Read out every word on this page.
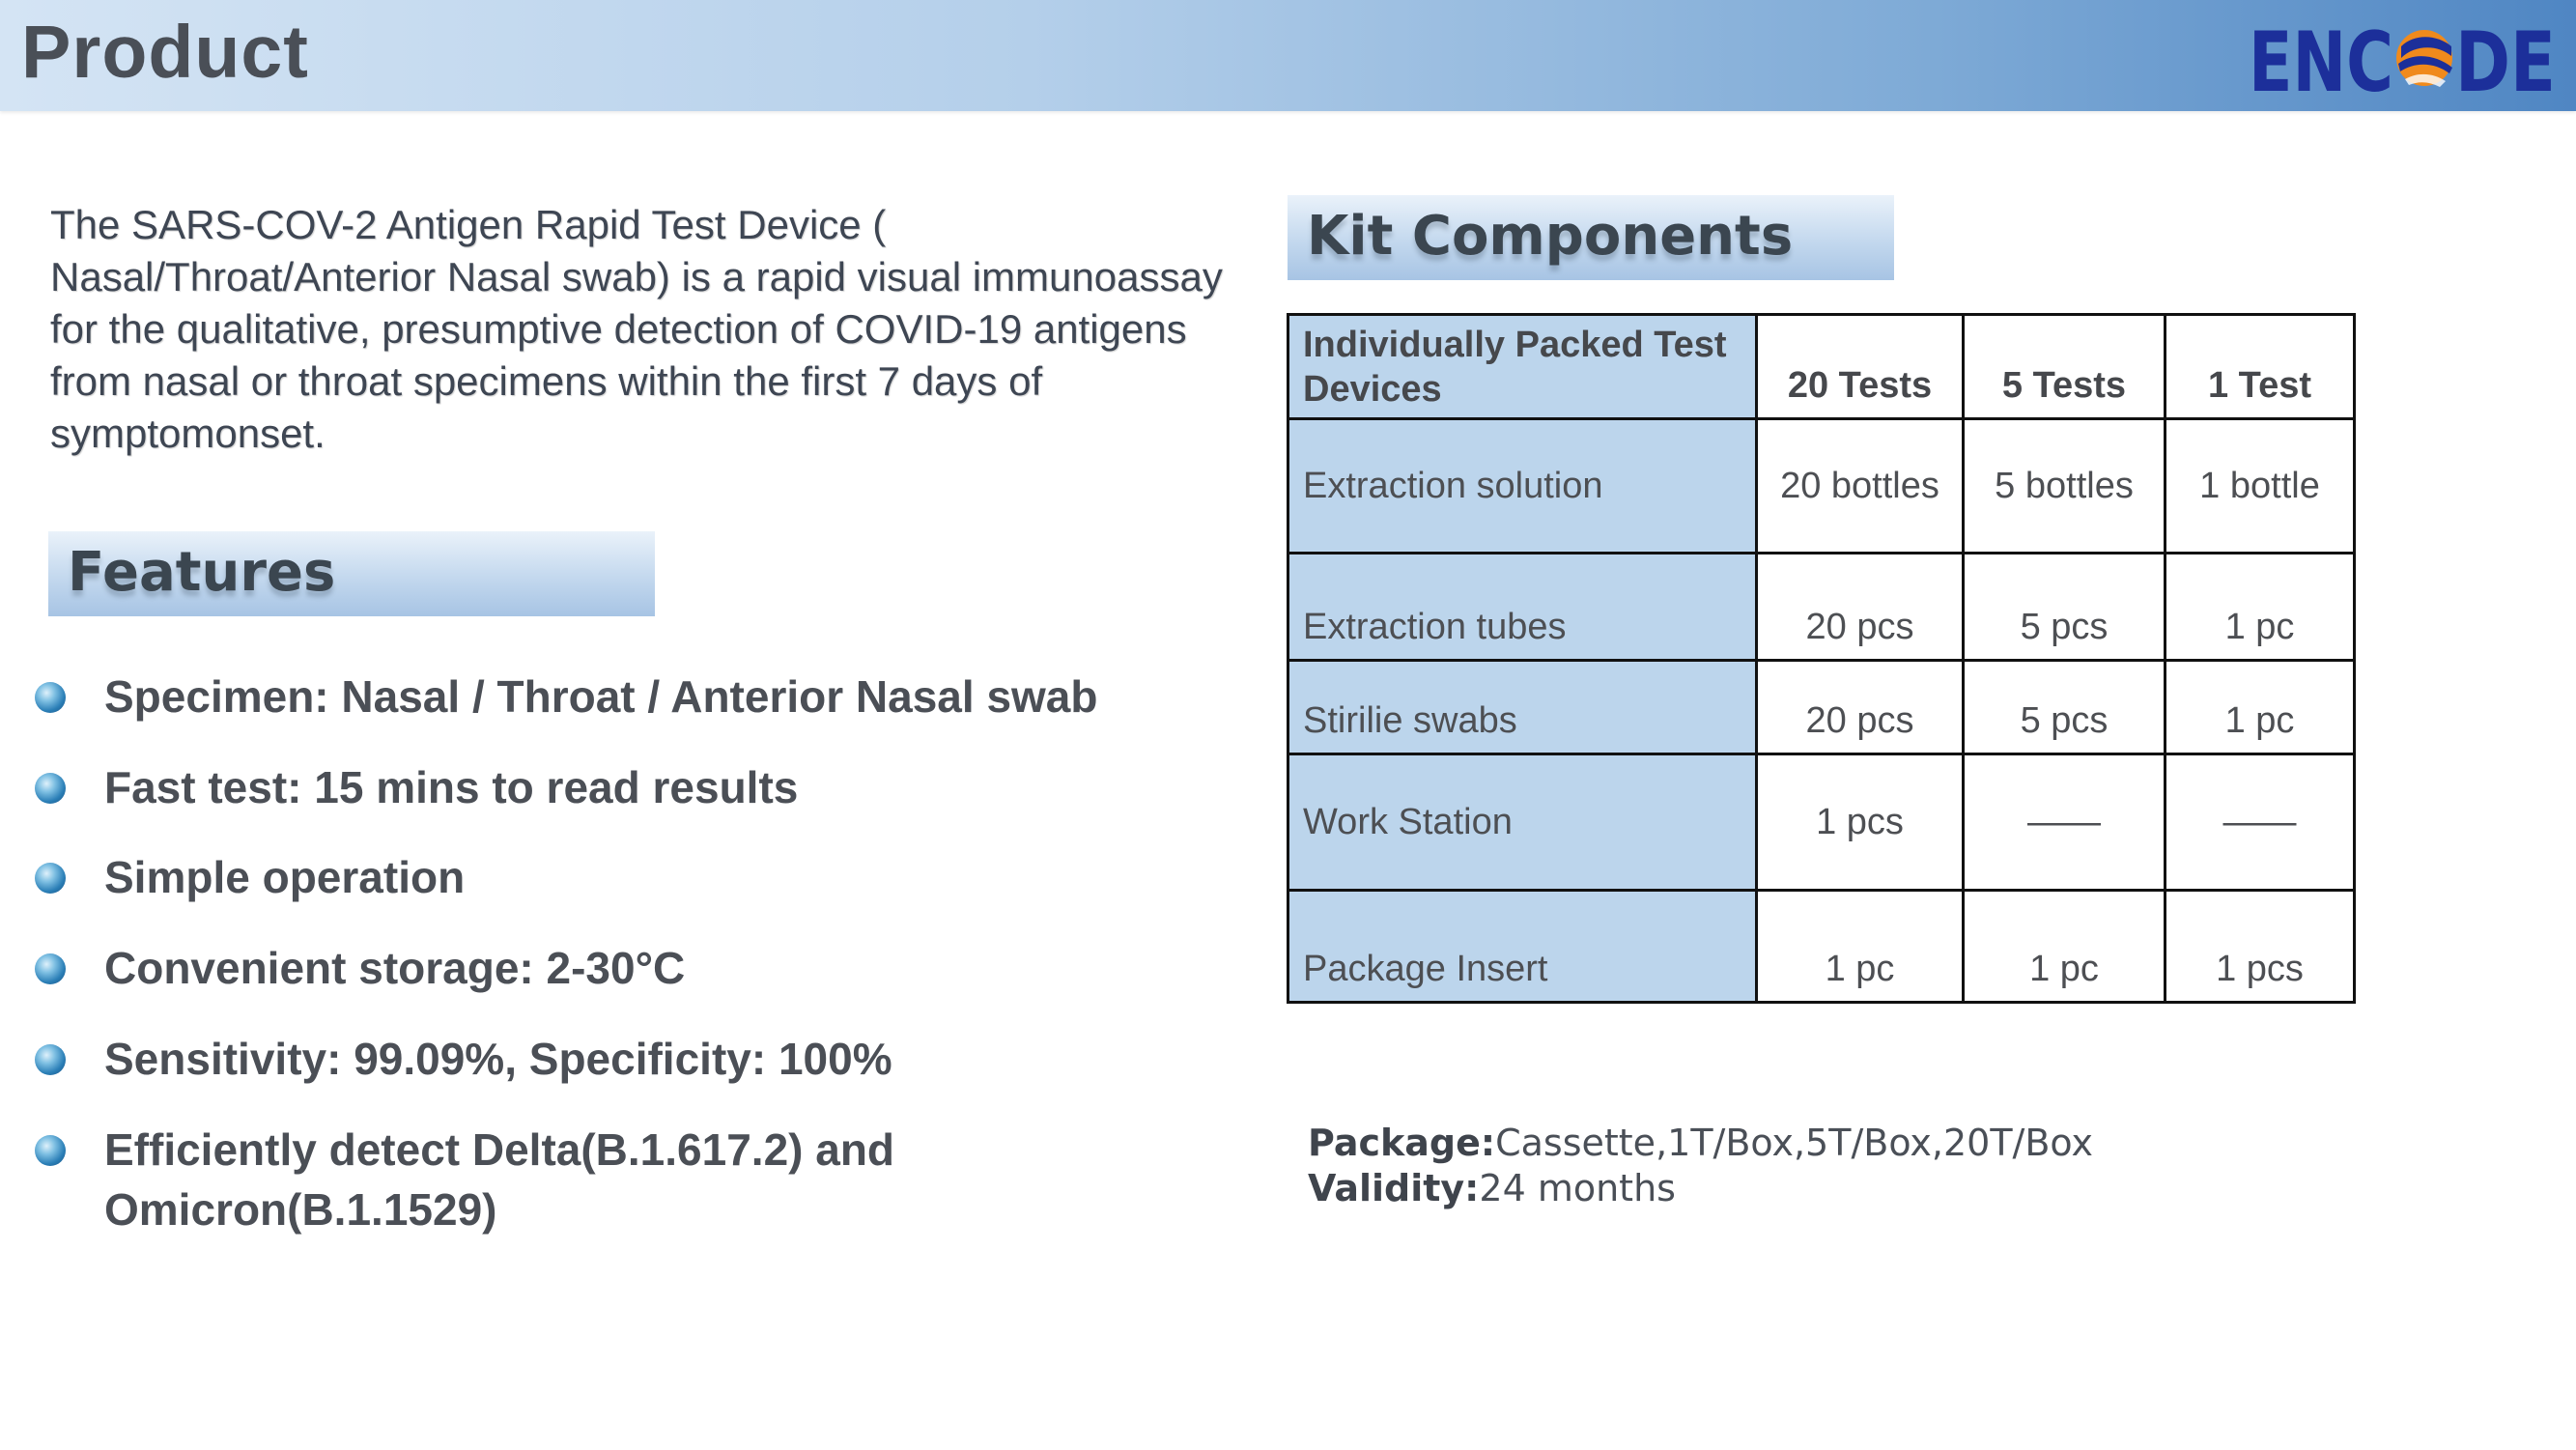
Product	ENC DE
The SARS-COV-2 Antigen Rapid Test Device ( Nasal/Throat/Anterior Nasal swab) is a rapid visual immunoassay for the qualitative, presumptive detection of COVID-19 antigens from nasal or throat specimens within the first 7 days of symptomonset.
Features
Specimen: Nasal / Throat / Anterior Nasal swab
Fast test: 15 mins to read results
Simple operation
Convenient storage: 2-30°C
Sensitivity: 99.09%, Specificity: 100%
Efficiently detect Delta(B.1.617.2) and Omicron(B.1.1529)
Kit Components
Individually Packed Test Devices	20 Tests	5 Tests	1 Test
Extraction solution	20 bottles	5 bottles	1 bottle
Extraction tubes	20 pcs	5 pcs	1 pc
Stirilie swabs	20 pcs	5 pcs	1 pc
Work Station	1 pcs	——	——
Package Insert	1 pc	1 pc	1 pcs
Package:Cassette,1T/Box,5T/Box,20T/Box
Validity:24 months
